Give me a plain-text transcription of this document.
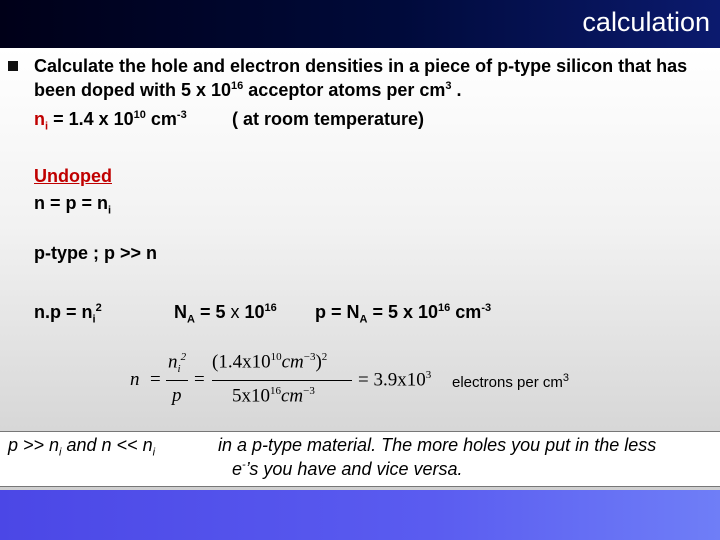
calculation
Calculate the hole and electron densities in a piece of p-type silicon that has
been doped with 5 x $10^{16}$ acceptor atoms per $cm^3$ .
$n_i = 1.4$ x $10^{10}$ $cm^{-3}$	( at room temperature)
Undoped
$n = p = n_i$
p-type ; p >> n
$n.p = n_i^2$	$N_A = 5$ x $10^{16}$ $p = N_A = 5$ x $10^{16}$ $cm^{-3}$
n =
$n_i^2$
p
=
$(1.4x10^{10}cm^{-3})^2$
$5x10^{16}cm^{-3}$
= $3.9x10^3$ electrons per $cm^3$
$p >> n_i$ and $n << n_i$	in a p-type material. The more holes you put in the less
e-’s you have and vice versa.
